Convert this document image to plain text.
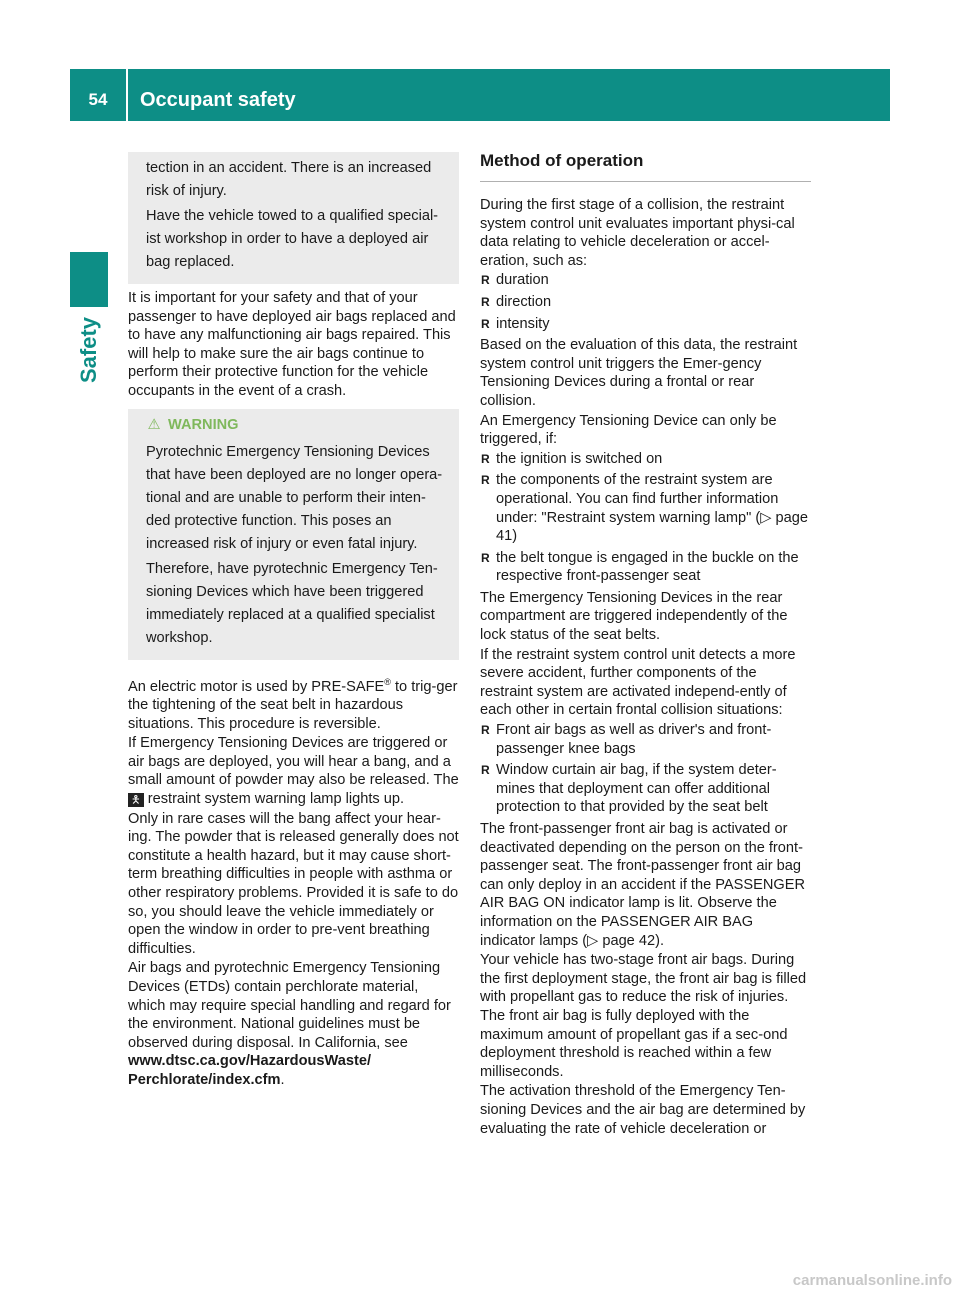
54	Occupant safety
Safety

tection in an accident. There is an increased risk of injury.

Have the vehicle towed to a qualified special-ist workshop in order to have a deployed air bag replaced.

It is important for your safety and that of your passenger to have deployed air bags replaced and to have any malfunctioning air bags repaired. This will help to make sure the air bags continue to perform their protective function for the vehicle occupants in the event of a crash.

⚠ WARNING

Pyrotechnic Emergency Tensioning Devices that have been deployed are no longer opera-tional and are unable to perform their inten-ded protective function. This poses an increased risk of injury or even fatal injury.

Therefore, have pyrotechnic Emergency Ten-sioning Devices which have been triggered immediately replaced at a qualified specialist workshop.

An electric motor is used by PRE-SAFE® to trig-ger the tightening of the seat belt in hazardous situations. This procedure is reversible.

If Emergency Tensioning Devices are triggered or air bags are deployed, you will hear a bang, and a small amount of powder may also be released. The 🯅 restraint system warning lamp lights up.

Only in rare cases will the bang affect your hear-ing. The powder that is released generally does not constitute a health hazard, but it may cause short-term breathing difficulties in people with asthma or other respiratory problems. Provided it is safe to do so, you should leave the vehicle immediately or open the window in order to pre-vent breathing difficulties.

Air bags and pyrotechnic Emergency Tensioning Devices (ETDs) contain perchlorate material, which may require special handling and regard for the environment. National guidelines must be observed during disposal. In California, see www.dtsc.ca.gov/HazardousWaste/ Perchlorate/index.cfm.

Method of operation

During the first stage of a collision, the restraint system control unit evaluates important physi-cal data relating to vehicle deceleration or accel-eration, such as:

R duration
R direction
R intensity

Based on the evaluation of this data, the restraint system control unit triggers the Emer-gency Tensioning Devices during a frontal or rear collision.

An Emergency Tensioning Device can only be triggered, if:

R the ignition is switched on
R the components of the restraint system are operational. You can find further information under: "Restraint system warning lamp" (▷ page 41)
R the belt tongue is engaged in the buckle on the respective front-passenger seat

The Emergency Tensioning Devices in the rear compartment are triggered independently of the lock status of the seat belts.

If the restraint system control unit detects a more severe accident, further components of the restraint system are activated independ-ently of each other in certain frontal collision situations:

R Front air bags as well as driver's and front-passenger knee bags
R Window curtain air bag, if the system deter-mines that deployment can offer additional protection to that provided by the seat belt

The front-passenger front air bag is activated or deactivated depending on the person on the front-passenger seat. The front-passenger front air bag can only deploy in an accident if the PASSENGER AIR BAG ON indicator lamp is lit. Observe the information on the PASSENGER AIR BAG indicator lamps (▷ page 42).

Your vehicle has two-stage front air bags. During the first deployment stage, the front air bag is filled with propellant gas to reduce the risk of injuries. The front air bag is fully deployed with the maximum amount of propellant gas if a sec-ond deployment threshold is reached within a few milliseconds.

The activation threshold of the Emergency Ten-sioning Devices and the air bag are determined by evaluating the rate of vehicle deceleration or

carmanualsonline.info
